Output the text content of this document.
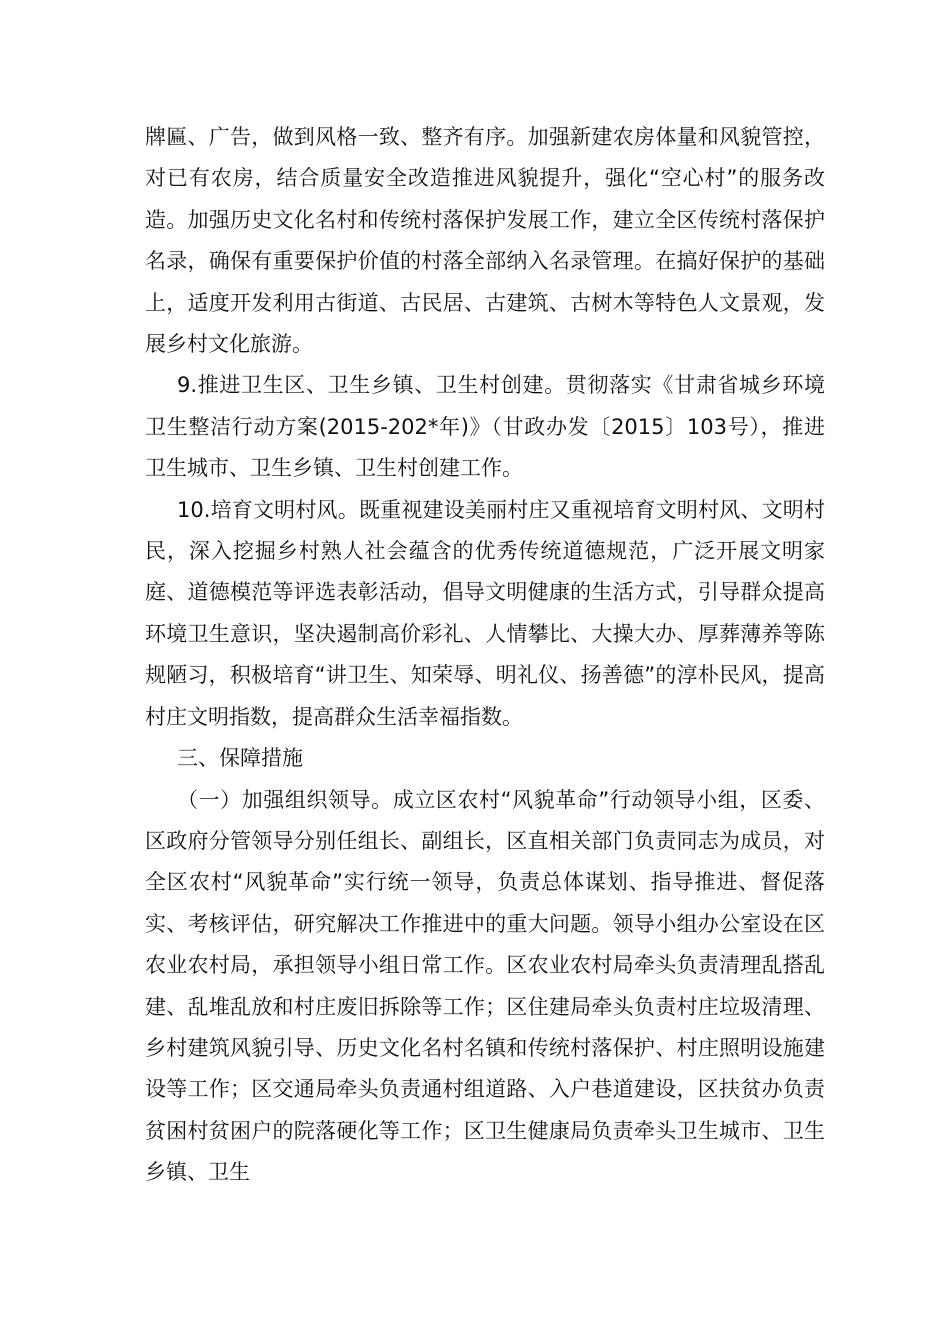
牌匾、广告，做到风格一致、整齐有序。加强新建农房体量和风貌管控，对已有农房，结合质量安全改造推进风貌提升，强化“空心村”的服务改造。加强历史文化名村和传统村落保护发展工作，建立全区传统村落保护名录，确保有重要保护价值的村落全部纳入名录管理。在搞好保护的基础上，适度开发利用古街道、古民居、古建筑、古树木等特色人文景观，发展乡村文化旅游。

9.推进卫生区、卫生乡镇、卫生村创建。贯彻落实《甘肃省城乡环境卫生整洁行动方案(2015-202*年)》（甘政办发〔2015〕103号），推进卫生城市、卫生乡镇、卫生村创建工作。

10.培育文明村风。既重视建设美丽村庄又重视培育文明村风、文明村民，深入挖掘乡村熟人社会蕴含的优秀传统道德规范，广泛开展文明家庭、道德模范等评选表彰活动，倡导文明健康的生活方式，引导群众提高环境卫生意识，坚决遏制高价彩礼、人情攀比、大操大办、厚葬薄养等陈规陋习，积极培育“讲卫生、知荣辱、明礼仪、扬善德”的淳朴民风，提高村庄文明指数，提高群众生活幸福指数。

三、保障措施

（一）加强组织领导。成立区农村“风貌革命”行动领导小组，区委、区政府分管领导分别任组长、副组长，区直相关部门负责同志为成员，对全区农村“风貌革命”实行统一领导，负责总体谋划、指导推进、督促落实、考核评估，研究解决工作推进中的重大问题。领导小组办公室设在区农业农村局，承担领导小组日常工作。区农业农村局牵头负责清理乱搭乱建、乱堆乱放和村庄废旧拆除等工作；区住建局牵头负责村庄垃圾清理、乡村建筑风貌引导、历史文化名村名镇和传统村落保护、村庄照明设施建设等工作；区交通局牵头负责通村组道路、入户巷道建设，区扶贫办负责贫困村贫困户的院落硬化等工作；区卫生健康局负责牵头卫生城市、卫生乡镇、卫生
